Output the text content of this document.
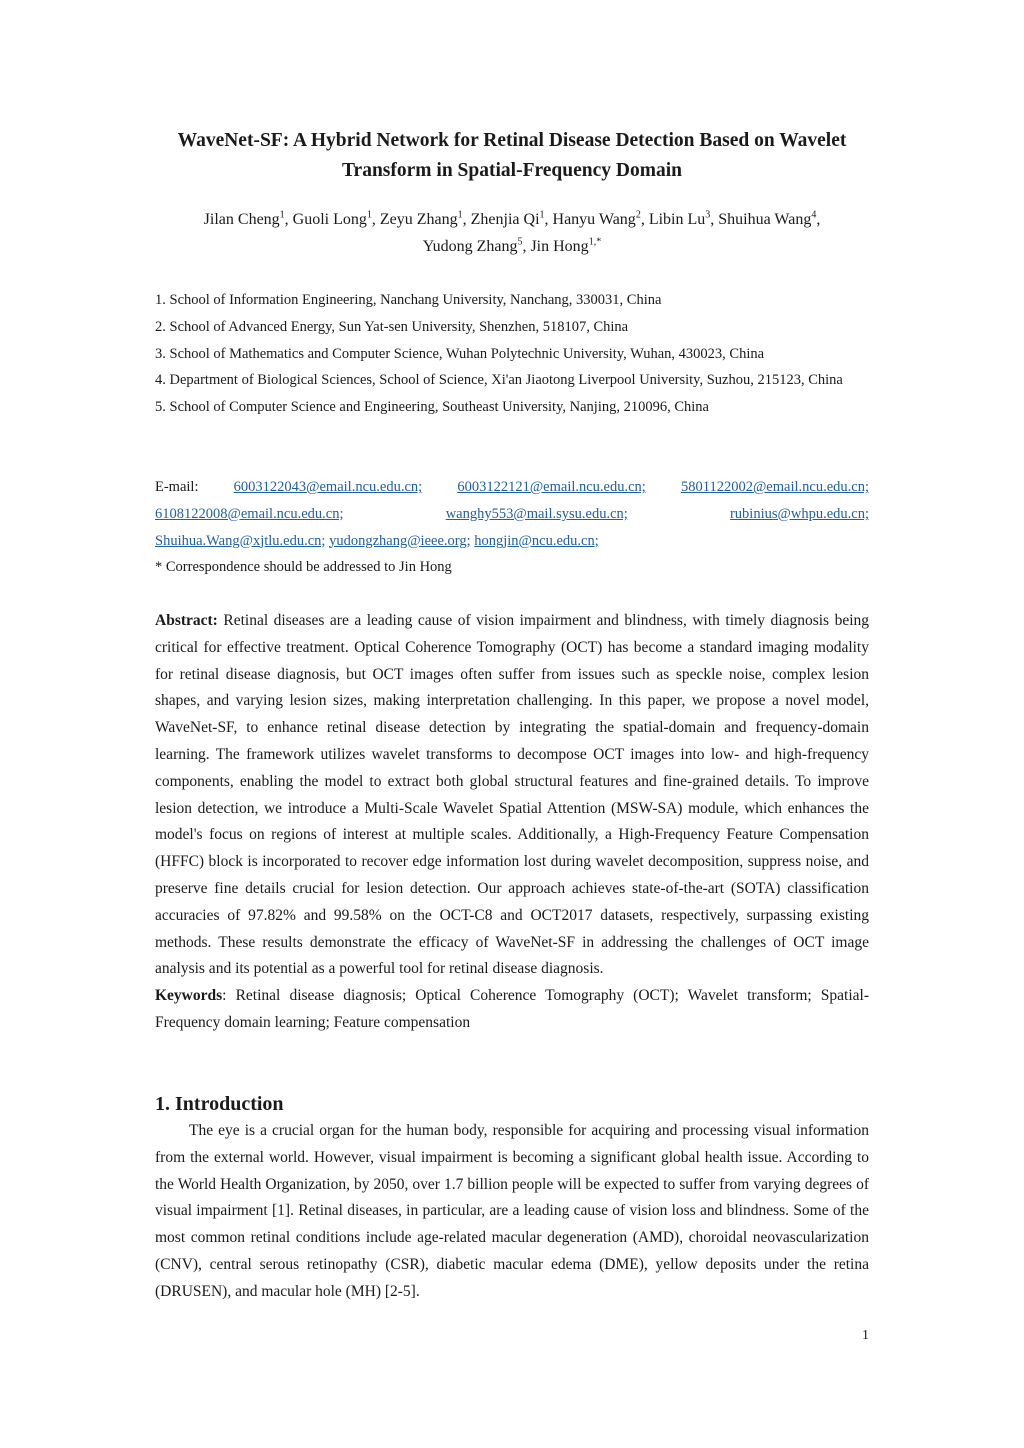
WaveNet-SF: A Hybrid Network for Retinal Disease Detection Based on Wavelet
Transform in Spatial-Frequency Domain
Jilan Cheng$^1$, Guoli Long$^1$, Zeyu Zhang$^1$, Zhenjia Qi$^1$, Hanyu Wang$^2$, Libin Lu$^3$, Shuihua Wang$^4$,
Yudong Zhang$^5$, Jin Hong$^{1,*}$

1. School of Information Engineering, Nanchang University, Nanchang, 330031, China

2. School of Advanced Energy, Sun Yat-sen University, Shenzhen, 518107, China

3. School of Mathematics and Computer Science, Wuhan Polytechnic University, Wuhan, 430023, China

4. Department of Biological Sciences, School of Science, Xi'an Jiaotong Liverpool University, Suzhou, 215123, China

5. School of Computer Science and Engineering, Southeast University, Nanjing, 210096, China

E-mail: 6003122043@email.ncu.edu.cn; 6003122121@email.ncu.edu.cn; 5801122002@email.ncu.edu.cn;
6108122008@email.ncu.edu.cn;	wanghy553@mail.sysu.edu.cn;	rubinius@whpu.edu.cn;
Shuihua.Wang@xjtlu.edu.cn;
yudongzhang@ieee.org;
hongjin@ncu.edu.cn;
* Correspondence should be addressed to Jin Hong

Abstract: Retinal diseases are a leading cause of vision impairment and blindness, with timely diagnosis being critical for effective treatment. Optical Coherence Tomography (OCT) has become a standard imaging modality for retinal disease diagnosis, but OCT images often suffer from issues such as speckle noise, complex lesion shapes, and varying lesion sizes, making interpretation challenging. In this paper, we propose a novel model, WaveNet-SF, to enhance retinal disease detection by integrating the spatial-domain and frequency-domain learning. The framework utilizes wavelet transforms to decompose OCT images into low- and high-frequency components, enabling the model to extract both global structural features and fine-grained details. To improve lesion detection, we introduce a Multi-Scale Wavelet Spatial Attention (MSW-SA) module, which enhances the model's focus on regions of interest at multiple scales. Additionally, a High-Frequency Feature Compensation (HFFC) block is incorporated to recover edge information lost during wavelet decomposition, suppress noise, and preserve fine details crucial for lesion detection. Our approach achieves state-of-the-art (SOTA) classification accuracies of 97.82% and 99.58% on the OCT-C8 and OCT2017 datasets, respectively, surpassing existing methods. These results demonstrate the efficacy of WaveNet-SF in addressing the challenges of OCT image analysis and its potential as a powerful tool for retinal disease diagnosis.

Keywords: Retinal disease diagnosis; Optical Coherence Tomography (OCT); Wavelet transform; Spatial-Frequency domain learning; Feature compensation

1. Introduction

The eye is a crucial organ for the human body, responsible for acquiring and processing visual information from the external world. However, visual impairment is becoming a significant global health issue. According to the World Health Organization, by 2050, over 1.7 billion people will be expected to suffer from varying degrees of visual impairment [1]. Retinal diseases, in particular, are a leading cause of vision loss and blindness. Some of the most common retinal conditions include age-related macular degeneration (AMD), choroidal neovascularization (CNV), central serous retinopathy (CSR), diabetic macular edema (DME), yellow deposits under the retina (DRUSEN), and macular hole (MH) [2-5].

1
